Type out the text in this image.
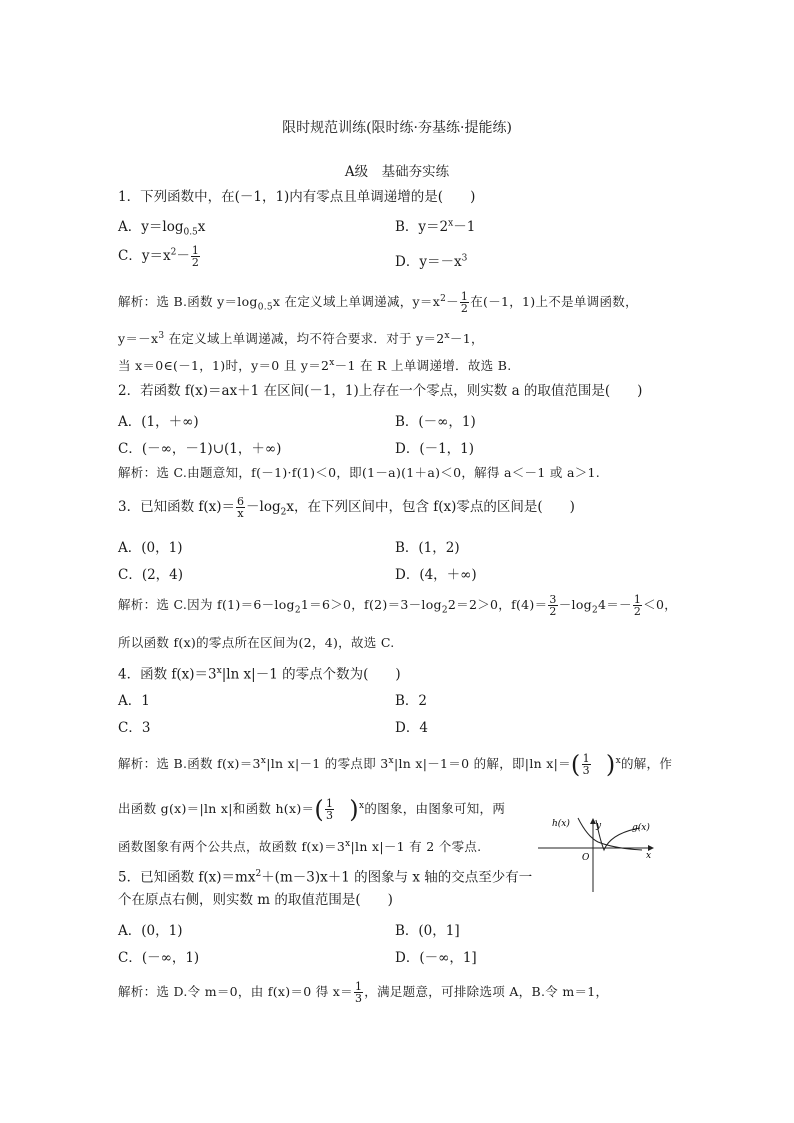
限时规范训练(限时练·夯基练·提能练)
A级　基础夯实练
1．下列函数中，在(－1，1)内有零点且单调递增的是(　　)
A．$y=\log_{0.5}x$	B．$y=2^x-1$
C．$y=x^2- \frac{1}{2}$	D．$y=-x^3$
解析：选 B.函数 $y=\log_{0.5}x$ 在定义域上单调递减，$y=x^2- \frac{1}{2}$ 在(－1，1)上不是单调函数，
$y=-x^3$ 在定义域上单调递减，均不符合要求．对于 $y=2^x-1$，
当 x＝0∈(－1，1)时，y＝0 且 $y=2^x-1$ 在 R 上单调递增．故选 B.
2．若函数 f(x)＝ax＋1 在区间(－1，1)上存在一个零点，则实数 a 的取值范围是(　　)
A．(1，＋∞)	B．(－∞，1)
C．(－∞，－1)∪(1，＋∞)	D．(－1，1)
解析：选 C.由题意知，f(－1)·f(1)＜0，即(1－a)(1＋a)＜0，解得 a＜－1 或 a＞1.
3．已知函数 $f(x)= \frac{6}{x} -\log_2x$，在下列区间中，包含 f(x)零点的区间是(　　)
A．(0，1)	B．(1，2)
C．(2，4)	D．(4，＋∞)
解析：选 C.因为 $f(1)=6-\log_21=6>0$，$f(2)=3-\log_22=2>0$，$f(4)= \frac{3}{2} -\log_24=- \frac{1}{2} <0$，
所以函数 f(x)的零点所在区间为(2，4)，故选 C.
4．函数 $f(x)=3^x|\ln$ x|－1 的零点个数为(　　)
A．1	B．2
C．3	D．4
解析：选 B.函数 $f(x)=3^x|\ln$ x|－1 的零点即 3$^x$|ln x|－1＝0 的解，即|ln $x|=( \frac{1}{3} )^x$的解，作
出函数 g(x)＝|ln x|和函数 $h(x)=( \frac{1}{3} )^x$的图象，由图象可知，两
函数图象有两个公共点，故函数 $f(x)=3^x|\ln$ x|－1 有 2 个零点.
h(x)	g(x)
y
x
O
5．已知函数 $f(x)=mx^2+(m-3)x+1$ 的图象与 x 轴的交点至少有一
个在原点右侧，则实数 m 的取值范围是(　　)
A．(0，1)	B．(0，1]
C．(－∞，1)	D．(－∞，1]
解析：选 D.令 m＝0，由 f(x)＝0 得 $x= \frac{1}{3}$ ，满足题意，可排除选项 A，B.令 m＝1，
